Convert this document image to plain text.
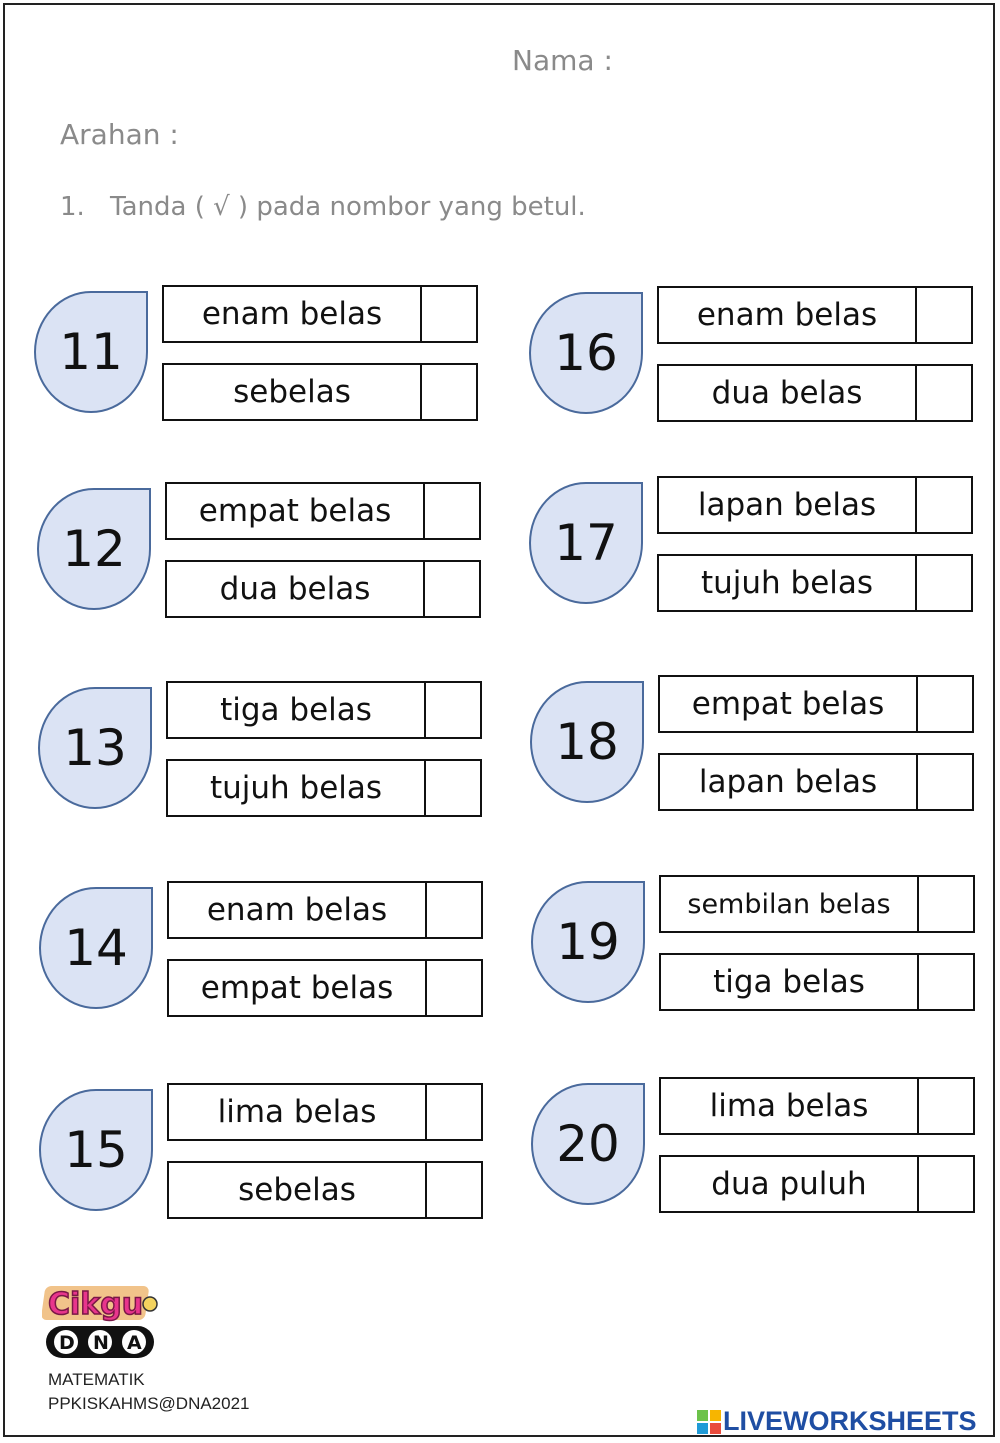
Nama :
Arahan :
1. Tanda ( √ ) pada nombor yang betul.
11
enam belas
sebelas
16
enam belas
dua belas
12
empat belas
dua belas
17
lapan belas
tujuh belas
13
tiga belas
tujuh belas
18
empat belas
lapan belas
14
enam belas
empat belas
19
sembilan belas
tiga belas
15
lima belas
sebelas
20
lima belas
dua puluh
Cikgu
D N A
MATEMATIK
PPKISKAHMS@DNA2021
LIVEWORKSHEETS
